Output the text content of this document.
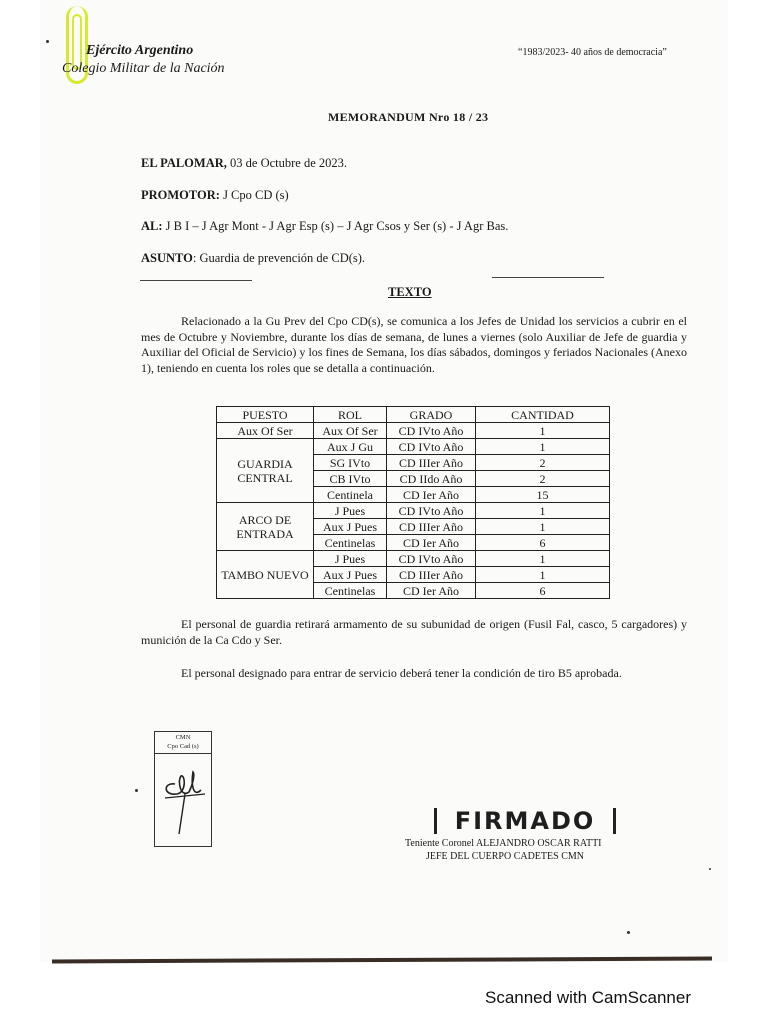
Ejército Argentino
Colegio Militar de la Nación
“1983/2023- 40 años de democracia”
MEMORANDUM Nro 18 / 23
EL PALOMAR, 03 de Octubre de 2023.
PROMOTOR: J Cpo CD (s)
AL: J B I – J Agr Mont - J Agr Esp (s) – J Agr Csos y Ser (s) - J Agr Bas.
ASUNTO: Guardia de prevención de CD(s).
TEXTO
Relacionado a la Gu Prev del Cpo CD(s), se comunica a los Jefes de Unidad los servicios a cubrir en el mes de Octubre y Noviembre, durante los días de semana, de lunes a viernes (solo Auxiliar de Jefe de guardia y Auxiliar del Oficial de Servicio) y los fines de Semana, los días sábados, domingos y feriados Nacionales (Anexo 1), teniendo en cuenta los roles que se detalla a continuación.
PUESTO	ROL	GRADO	CANTIDAD
Aux Of Ser	Aux Of Ser	CD IVto Año	1
GUARDIA CENTRAL	Aux J Gu	CD IVto Año	1
	SG IVto	CD IIIer Año	2
	CB IVto	CD IIdo Año	2
	Centinela	CD Ier Año	15
ARCO DE ENTRADA	J Pues	CD IVto Año	1
	Aux J Pues	CD IIIer Año	1
	Centinelas	CD Ier Año	6
TAMBO NUEVO	J Pues	CD IVto Año	1
	Aux J Pues	CD IIIer Año	1
	Centinelas	CD Ier Año	6
El personal de guardia retirará armamento de su subunidad de origen (Fusil Fal, casco, 5 cargadores) y munición de la Ca Cdo y Ser.
El personal designado para entrar de servicio deberá tener la condición de tiro B5 aprobada.
CMN
Cpo Cad (s)
FIRMADO
Teniente Coronel ALEJANDRO OSCAR RATTI
JEFE DEL CUERPO CADETES CMN
Scanned with CamScanner
